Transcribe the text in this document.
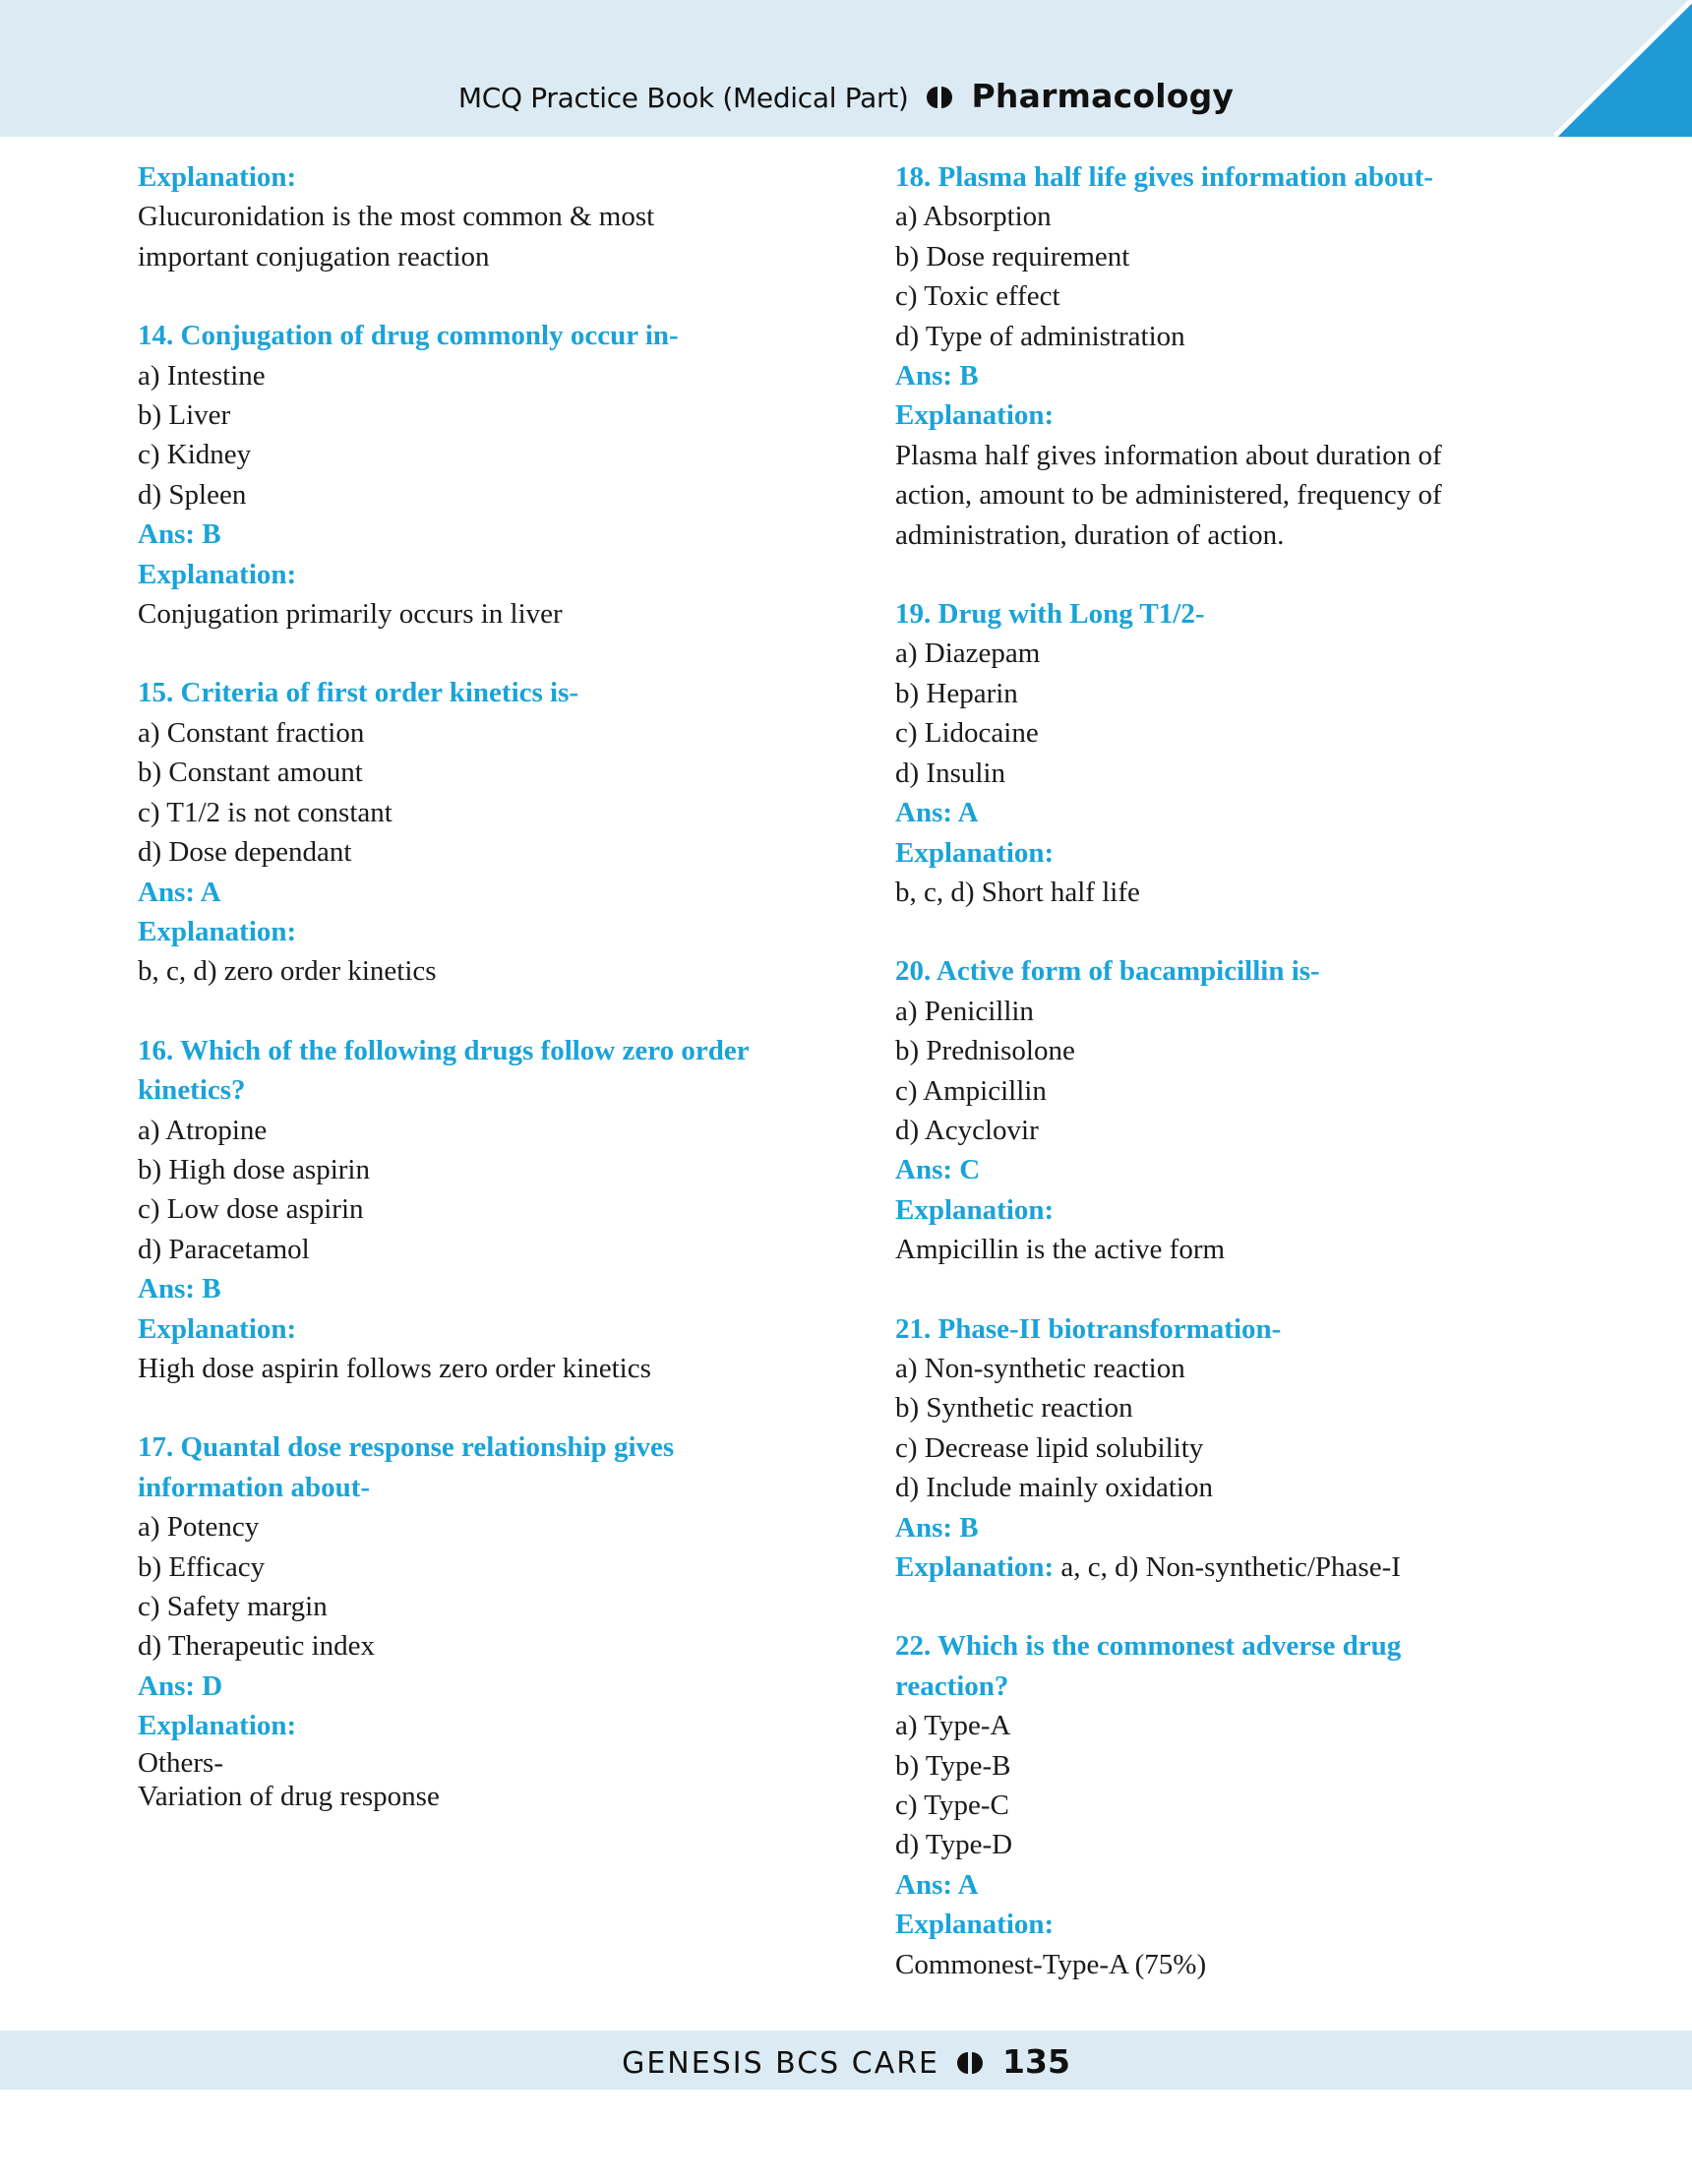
MCQ Practice Book (Medical Part) Pharmacology
Explanation:
Glucuronidation is the most common & most
important conjugation reaction
14. Conjugation of drug commonly occur in-
a) Intestine
b) Liver
c) Kidney
d) Spleen
Ans: B
Explanation:
Conjugation primarily occurs in liver
15. Criteria of first order kinetics is-
a) Constant fraction
b) Constant amount
c) T1/2 is not constant
d) Dose dependant
Ans: A
Explanation:
b, c, d) zero order kinetics
16. Which of the following drugs follow zero order
kinetics?
a) Atropine
b) High dose aspirin
c) Low dose aspirin
d) Paracetamol
Ans: B
Explanation:
High dose aspirin follows zero order kinetics
17. Quantal dose response relationship gives
information about-
a) Potency
b) Efficacy
c) Safety margin
d) Therapeutic index
Ans: D
Explanation:
Others-
Variation of drug response
18. Plasma half life gives information about-
a) Absorption
b) Dose requirement
c) Toxic effect
d) Type of administration
Ans: B
Explanation:
Plasma half gives information about duration of
action, amount to be administered, frequency of
administration, duration of action.
19. Drug with Long T1/2-
a) Diazepam
b) Heparin
c) Lidocaine
d) Insulin
Ans: A
Explanation:
b, c, d) Short half life
20. Active form of bacampicillin is-
a) Penicillin
b) Prednisolone
c) Ampicillin
d) Acyclovir
Ans: C
Explanation:
Ampicillin is the active form
21. Phase-II biotransformation-
a) Non-synthetic reaction
b) Synthetic reaction
c) Decrease lipid solubility
d) Include mainly oxidation
Ans: B
Explanation: a, c, d) Non-synthetic/Phase-I
22. Which is the commonest adverse drug
reaction?
a) Type-A
b) Type-B
c) Type-C
d) Type-D
Ans: A
Explanation:
Commonest-Type-A (75%)
GENESIS BCS CARE 135
